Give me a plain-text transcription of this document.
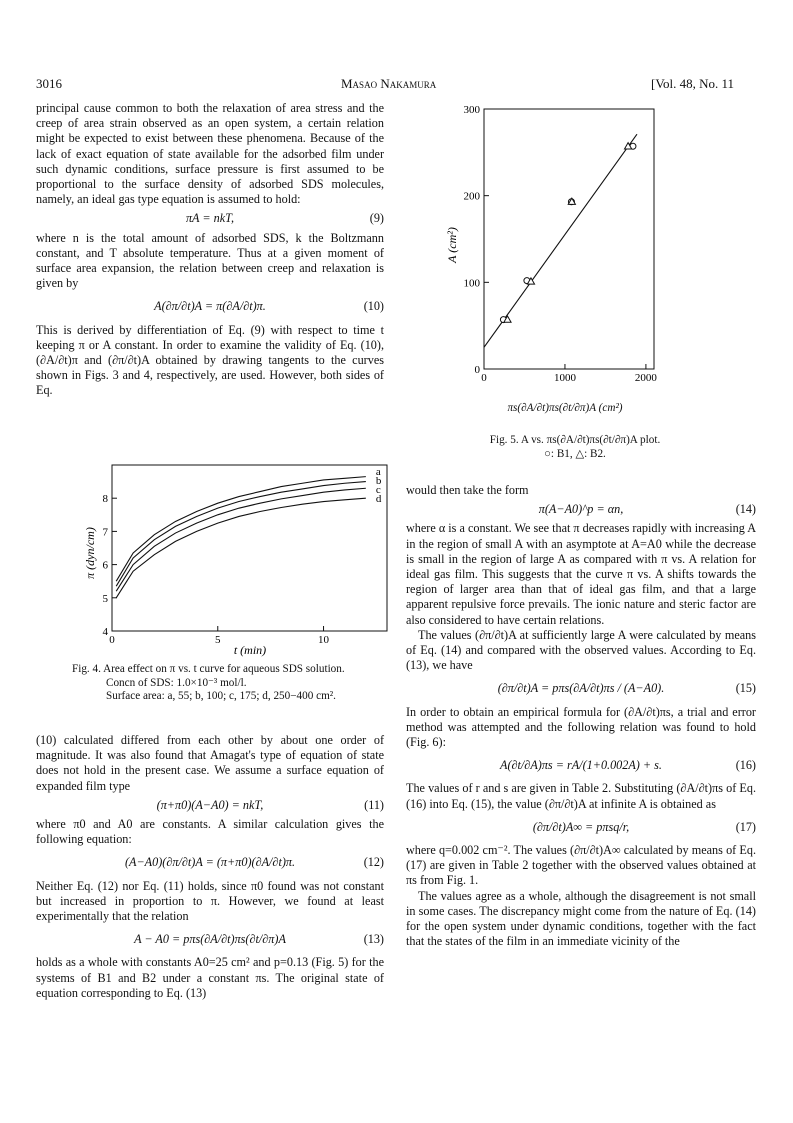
3016	Masao Nakamura	[Vol. 48, No. 11

principal cause common to both the relaxation of area stress and the creep of area strain observed as an open system, a certain relation might be expected to exist between these phenomena. Because of the lack of exact equation of state available for the adsorbed film under such dynamic conditions, surface pressure is first assumed to be proportional to the surface density of adsorbed SDS molecules, namely, an ideal gas type equation is assumed to hold:

πA = nkT,	(9)

where n is the total amount of adsorbed SDS, k the Boltzmann constant, and T absolute temperature. Thus at a given moment of surface area expansion, the relation between creep and relaxation is given by

A(∂π/∂t)A = π(∂A/∂t)π.	(10)

This is derived by differentiation of Eq. (9) with respect to time t keeping π or A constant. In order to examine the validity of Eq. (10), (∂A/∂t)π and (∂π/∂t)A obtained by drawing tangents to the curves shown in Figs. 3 and 4, respectively, are used. However, both sides of Eq.

0	5	10
4
5
6
7
8
a
b
c
d
t (min)
π (dyn/cm)
Fig. 4. Area effect on π vs. t curve for aqueous SDS solution.
Concn of SDS: 1.0×10⁻³ mol/l.
Surface area: a, 55; b, 100; c, 175; d, 250−400 cm².

(10) calculated differed from each other by about one order of magnitude. It was also found that Amagat's type of equation of state does not hold in the present case. We assume a surface equation of expanded film type

(π+π0)(A−A0) = nkT,	(11)

where π0 and A0 are constants. A similar calculation gives the following equation:

(A−A0)(∂π/∂t)A = (π+π0)(∂A/∂t)π.	(12)

Neither Eq. (12) nor Eq. (11) holds, since π0 found was not constant but increased in proportion to π. However, we found at least experimentally that the relation

A − A0 = pπs(∂A/∂t)πs(∂t/∂π)A	(13)

holds as a whole with constants A0=25 cm² and p=0.13 (Fig. 5) for the systems of B1 and B2 under a constant πs. The original state of equation corresponding to Eq. (13)

0	1000	2000
0
100
200
300
A (cm²)
πs(∂A/∂t)πs(∂t/∂π)A (cm²)
Fig. 5. A vs. πs(∂A/∂t)πs(∂t/∂π)A plot.
○: B1, △: B2.

would then take the form

π(A−A0)^p = αn,	(14)

where α is a constant. We see that π decreases rapidly with increasing A in the region of small A with an asymptote at A=A0 while the decrease is small in the region of large A as compared with π vs. A relation for ideal gas film. This suggests that the curve π vs. A shifts towards the region of larger area than that of ideal gas film, and that a large apparent repulsive force prevails. The ionic nature and steric factor are also considered to have certain relations.

The values (∂π/∂t)A at sufficiently large A were calculated by means of Eq. (14) and compared with the observed values. According to Eq. (13), we have

(∂π/∂t)A = pπs(∂A/∂t)πs / (A−A0).	(15)

In order to obtain an empirical formula for (∂A/∂t)πs, a trial and error method was attempted and the following relation was found to hold (Fig. 6):

A(∂t/∂A)πs = rA/(1+0.002A) + s.	(16)

The values of r and s are given in Table 2. Substituting (∂A/∂t)πs of Eq. (16) into Eq. (15), the value (∂π/∂t)A at infinite A is obtained as

(∂π/∂t)A∞ = pπsq/r,	(17)

where q=0.002 cm⁻². The values (∂π/∂t)A∞ calculated by means of Eq. (17) are given in Table 2 together with the observed values obtained at πs from Fig. 1.

The values agree as a whole, although the disagreement is not small in some cases. The discrepancy might come from the nature of Eq. (14) for the open system under dynamic conditions, together with the fact that the states of the film in an immediate vicinity of the
